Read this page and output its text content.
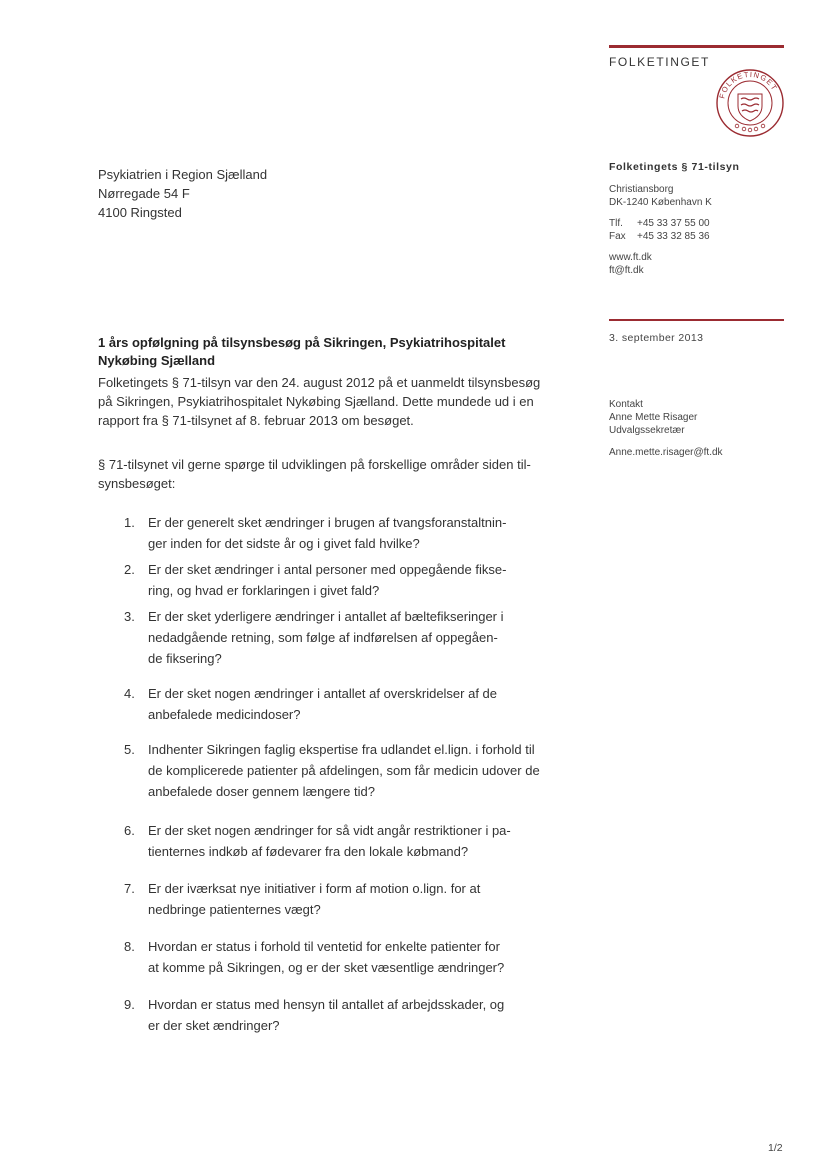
FOLKETINGET
FOLKETINGET
Psykiatrien i Region Sjælland
Nørregade 54 F
4100 Ringsted
Folketingets § 71-tilsyn
Christiansborg
DK-1240 København K
Tlf. +45 33 37 55 00
Fax +45 33 32 85 36
www.ft.dk
ft@ft.dk
3. september 2013
Kontakt
Anne Mette Risager
Udvalgssekretær
Anne.mette.risager@ft.dk
1 års opfølgning på tilsynsbesøg på Sikringen, Psykiatrihospitalet
Nykøbing Sjælland
Folketingets § 71-tilsyn var den 24. august 2012 på et uanmeldt tilsynsbesøg
på Sikringen, Psykiatrihospitalet Nykøbing Sjælland. Dette mundede ud i en
rapport fra § 71-tilsynet af 8. februar 2013 om besøget.
§ 71-tilsynet vil gerne spørge til udviklingen på forskellige områder siden til-
synsbesøget:
1.	Er der generelt sket ændringer i brugen af tvangsforanstaltnin-
ger inden for det sidste år og i givet fald hvilke?
2.	Er der sket ændringer i antal personer med oppegående fikse-
ring, og hvad er forklaringen i givet fald?
3.	Er der sket yderligere ændringer i antallet af bæltefikseringer i
nedadgående retning, som følge af indførelsen af oppegåen-
de fiksering?
4.	Er der sket nogen ændringer i antallet af overskridelser af de
anbefalede medicindoser?
5.	Indhenter Sikringen faglig ekspertise fra udlandet el.lign. i forhold til
de komplicerede patienter på afdelingen, som får medicin udover de
anbefalede doser gennem længere tid?
6.	Er der sket nogen ændringer for så vidt angår restriktioner i pa-
tienternes indkøb af fødevarer fra den lokale købmand?
7.	Er der iværksat nye initiativer i form af motion o.lign. for at
nedbringe patienternes vægt?
8.	Hvordan er status i forhold til ventetid for enkelte patienter for
at komme på Sikringen, og er der sket væsentlige ændringer?
9.	Hvordan er status med hensyn til antallet af arbejdsskader, og
er der sket ændringer?
1/2
